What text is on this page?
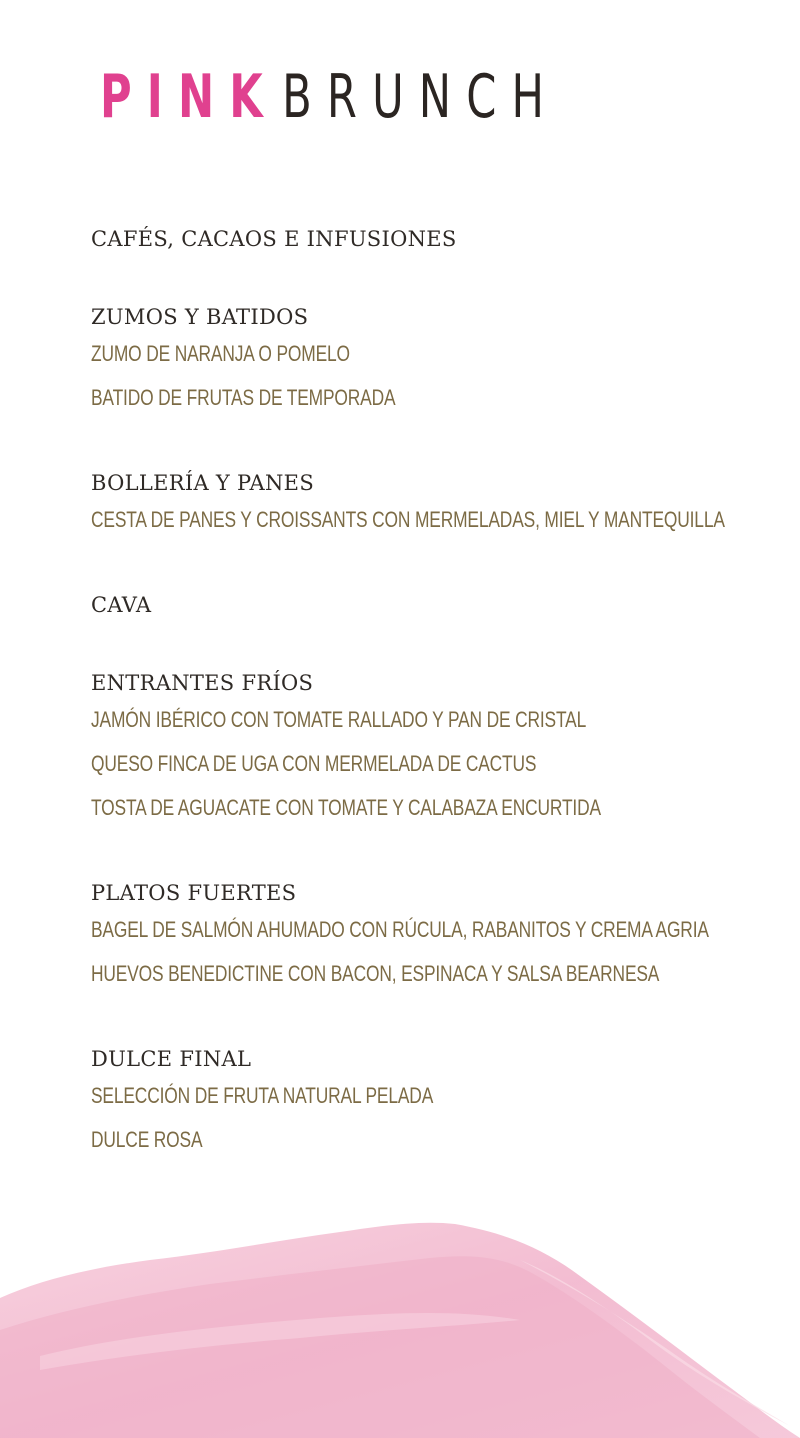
PINKBRUNCH

CAFÉS, CACAOS E INFUSIONES

ZUMOS Y BATIDOS

ZUMO DE NARANJA O POMELO

BATIDO DE FRUTAS DE TEMPORADA

BOLLERÍA Y PANES

CESTA DE PANES Y CROISSANTS CON MERMELADAS, MIEL Y MANTEQUILLA

CAVA

ENTRANTES FRÍOS

JAMÓN IBÉRICO CON TOMATE RALLADO Y PAN DE CRISTAL

QUESO FINCA DE UGA CON MERMELADA DE CACTUS

TOSTA DE AGUACATE CON TOMATE Y CALABAZA ENCURTIDA

PLATOS FUERTES

BAGEL DE SALMÓN AHUMADO CON RÚCULA, RABANITOS Y CREMA AGRIA

HUEVOS BENEDICTINE CON BACON, ESPINACA Y SALSA BEARNESA

DULCE FINAL

SELECCIÓN DE FRUTA NATURAL PELADA

DULCE ROSA
